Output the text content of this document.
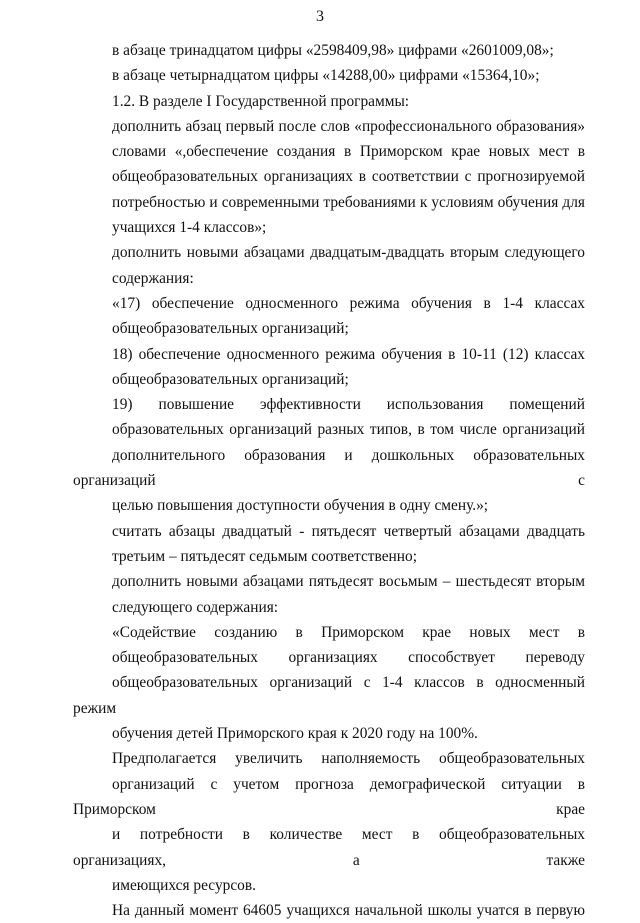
3
в абзаце тринадцатом цифры «2598409,98» цифрами «2601009,08»;
в абзаце четырнадцатом цифры «14288,00» цифрами «15364,10»;
1.2. В разделе I Государственной программы:
дополнить абзац первый после слов «профессионального образования»
словами «,обеспечение создания в Приморском крае новых мест в
общеобразовательных организациях в соответствии с прогнозируемой
потребностью и современными требованиями к условиям обучения для
учащихся 1-4 классов»;
дополнить новыми абзацами двадцатым-двадцать вторым следующего
содержания:
«17) обеспечение односменного режима обучения в 1-4 классах
общеобразовательных организаций;
18) обеспечение односменного режима обучения в 10-11 (12) классах
общеобразовательных организаций;
19) повышение эффективности использования помещений
образовательных организаций разных типов, в том числе организаций
дополнительного образования и дошкольных образовательных организаций с
целью повышения доступности обучения в одну смену.»;
считать абзацы двадцатый - пятьдесят четвертый абзацами двадцать
третьим – пятьдесят седьмым соответственно;
дополнить новыми абзацами пятьдесят восьмым – шестьдесят вторым
следующего содержания:
«Содействие созданию в Приморском крае новых мест в
общеобразовательных организациях способствует переводу
общеобразовательных организаций с 1-4 классов в односменный режим
обучения детей Приморского края к 2020 году на 100%.
Предполагается увеличить наполняемость общеобразовательных
организаций с учетом прогноза демографической ситуации в Приморском крае
и потребности в количестве мест в общеобразовательных организациях, а также
имеющихся ресурсов.
На данный момент 64605 учащихся начальной школы учатся в первую
